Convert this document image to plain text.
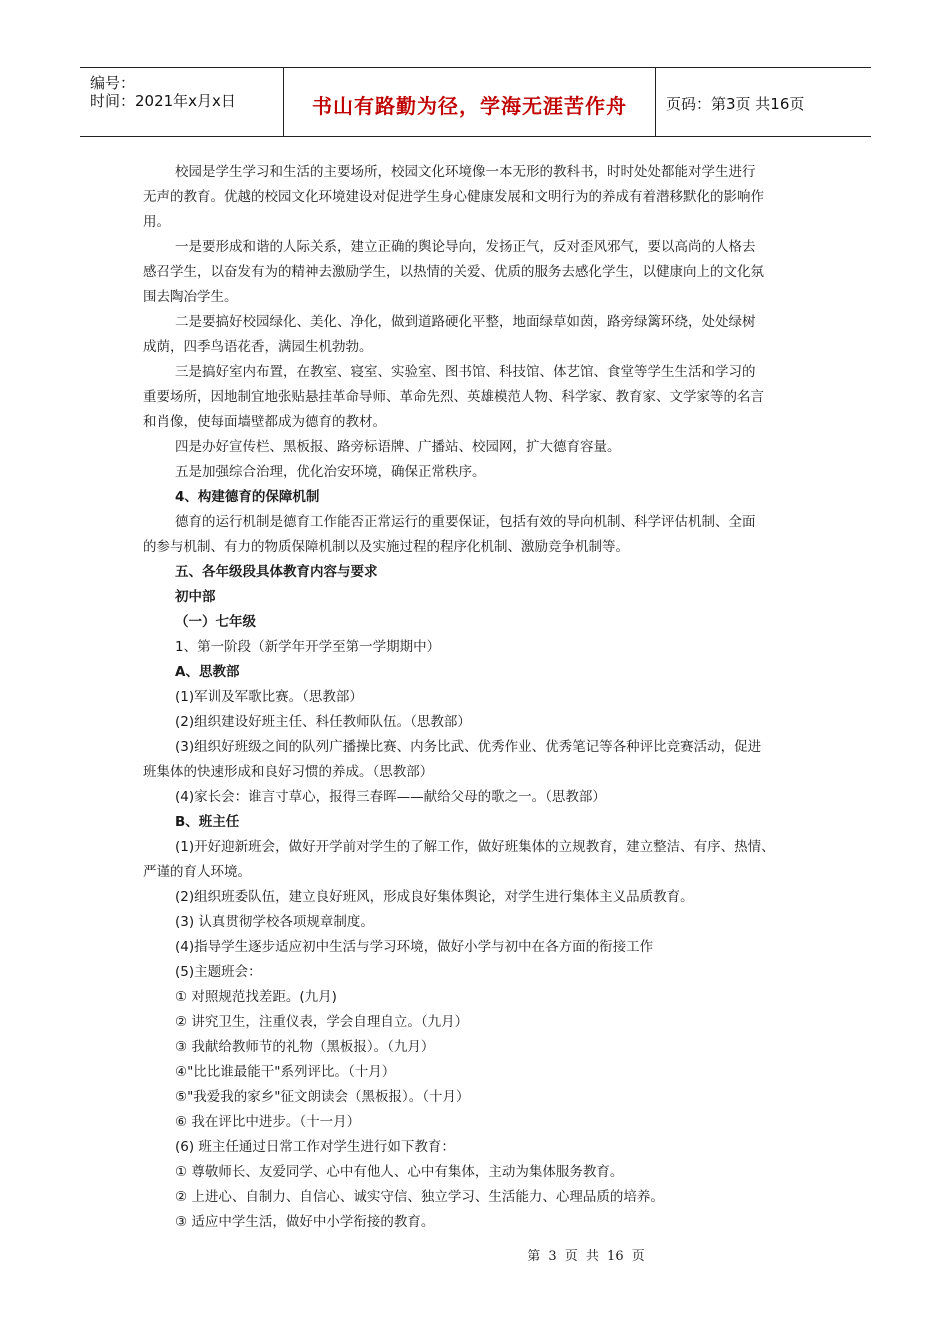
编号：
时间：2021年x月x日	书山有路勤为径，学海无涯苦作舟	页码：第3页 共16页
校园是学生学习和生活的主要场所，校园文化环境像一本无形的教科书，时时处处都能对学生进行
无声的教育。优越的校园文化环境建设对促进学生身心健康发展和文明行为的养成有着潜移默化的影响作
用。
一是要形成和谐的人际关系，建立正确的舆论导向，发扬正气，反对歪风邪气，要以高尚的人格去
感召学生，以奋发有为的精神去激励学生，以热情的关爱、优质的服务去感化学生，以健康向上的文化氛
围去陶冶学生。
二是要搞好校园绿化、美化、净化，做到道路硬化平整，地面绿草如茵，路旁绿篱环绕，处处绿树
成荫，四季鸟语花香，满园生机勃勃。
三是搞好室内布置，在教室、寝室、实验室、图书馆、科技馆、体艺馆、食堂等学生生活和学习的
重要场所，因地制宜地张贴悬挂革命导师、革命先烈、英雄模范人物、科学家、教育家、文学家等的名言
和肖像，使每面墙壁都成为德育的教材。
四是办好宣传栏、黑板报、路旁标语牌、广播站、校园网，扩大德育容量。
五是加强综合治理，优化治安环境，确保正常秩序。
4、构建德育的保障机制
德育的运行机制是德育工作能否正常运行的重要保证，包括有效的导向机制、科学评估机制、全面
的参与机制、有力的物质保障机制以及实施过程的程序化机制、激励竞争机制等。
五、各年级段具体教育内容与要求
初中部
（一）七年级
1、第一阶段（新学年开学至第一学期期中）
A、思教部
(1)军训及军歌比赛。（思教部）
(2)组织建设好班主任、科任教师队伍。（思教部）
(3)组织好班级之间的队列广播操比赛、内务比武、优秀作业、优秀笔记等各种评比竞赛活动，促进
班集体的快速形成和良好习惯的养成。（思教部）
(4)家长会：谁言寸草心，报得三春晖——献给父母的歌之一。（思教部）
B、班主任
(1)开好迎新班会，做好开学前对学生的了解工作，做好班集体的立规教育，建立整洁、有序、热情、
严谨的育人环境。
(2)组织班委队伍，建立良好班风，形成良好集体舆论，对学生进行集体主义品质教育。
(3) 认真贯彻学校各项规章制度。
(4)指导学生逐步适应初中生活与学习环境，做好小学与初中在各方面的衔接工作
(5)主题班会：
① 对照规范找差距。(九月)
② 讲究卫生，注重仪表，学会自理自立。（九月）
③ 我献给教师节的礼物（黑板报）。（九月）
④"比比谁最能干"系列评比。（十月）
⑤"我爱我的家乡"征文朗读会（黑板报）。（十月）
⑥ 我在评比中进步。（十一月）
(6) 班主任通过日常工作对学生进行如下教育：
① 尊敬师长、友爱同学、心中有他人、心中有集体，主动为集体服务教育。
② 上进心、自制力、自信心、诚实守信、独立学习、生活能力、心理品质的培养。
③ 适应中学生活，做好中小学衔接的教育。
第 3 页 共 16 页
